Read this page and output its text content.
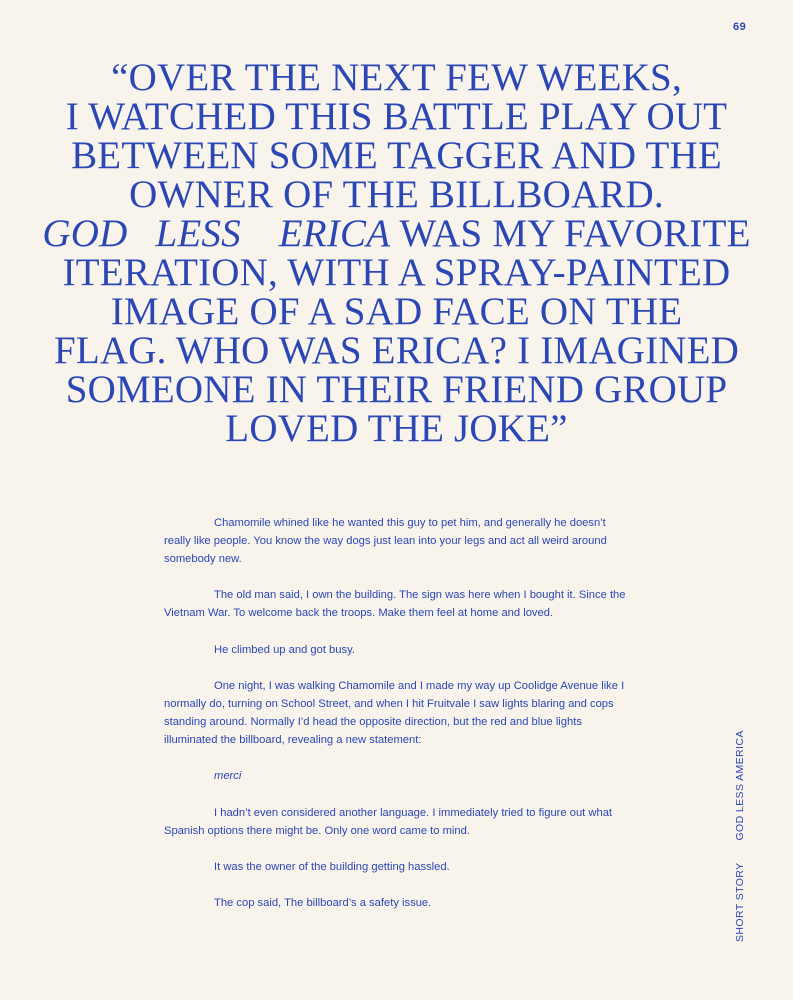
69
“OVER THE NEXT FEW WEEKS,
I WATCHED THIS BATTLE PLAY OUT
BETWEEN SOME TAGGER AND THE
OWNER OF THE BILLBOARD.
GOD LESS ERICA WAS MY FAVORITE
ITERATION, WITH A SPRAY-PAINTED
IMAGE OF A SAD FACE ON THE
FLAG. WHO WAS ERICA? I IMAGINED
SOMEONE IN THEIR FRIEND GROUP
LOVED THE JOKE”

Chamomile whined like he wanted this guy to pet him, and generally he doesn’t really like people. You know the way dogs just lean into your legs and act all weird around somebody new.

The old man said, I own the building. The sign was here when I bought it. Since the Vietnam War. To welcome back the troops. Make them feel at home and loved.

He climbed up and got busy.

One night, I was walking Chamomile and I made my way up Coolidge Avenue like I normally do, turning on School Street, and when I hit Fruitvale I saw lights blaring and cops standing around. Normally I’d head the opposite direction, but the red and blue lights illuminated the billboard, revealing a new statement:

merci

I hadn’t even considered another language. I immediately tried to figure out what Spanish options there might be. Only one word came to mind.

It was the owner of the building getting hassled.

The cop said, The billboard’s a safety issue.	SHORT STORYGOD LESS AMERICA
